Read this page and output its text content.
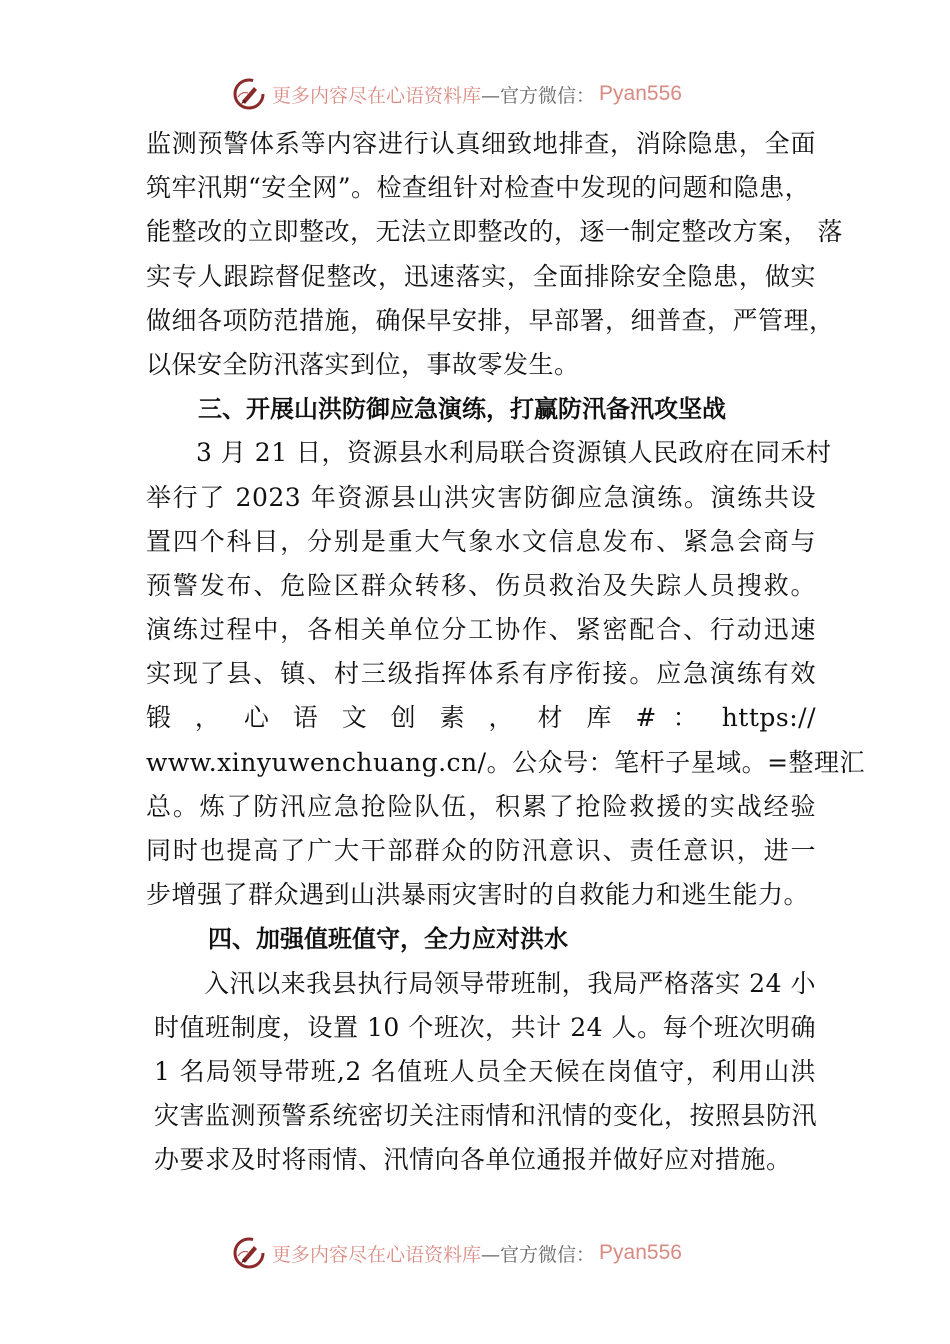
更多内容尽在心语资料库 —官方微信： Pyan556
监测预警体系等内容进行认真细致地排查，消除隐患，全面
筑牢汛期“安全网”。检查组针对检查中发现的问题和隐患，
能整改的立即整改，无法立即整改的，逐一制定整改方案， 落
实专人跟踪督促整改，迅速落实，全面排除安全隐患，做实
做细各项防范措施，确保早安排，早部署，细普查，严管理，
以保安全防汛落实到位，事故零发生。
三、开展山洪防御应急演练，打赢防汛备汛攻坚战
3 月 21 日，资源县水利局联合资源镇人民政府在同禾村
举行了 2023 年资源县山洪灾害防御应急演练。演练共设
置四个科目，分别是重大气象水文信息发布、紧急会商与
预警发布、危险区群众转移、伤员救治及失踪人员搜救。
演练过程中，各相关单位分工协作、紧密配合、行动迅速
实现了县、镇、村三级指挥体系有序衔接。应急演练有效
锻 ， 心 语 文 创 素 ， 材 库 # ： https://
www.xinyuwenchuang.cn/。公众号：笔杆子星域。=整理汇
总。炼了防汛应急抢险队伍，积累了抢险救援的实战经验
同时也提高了广大干部群众的防汛意识、责任意识，进一
步增强了群众遇到山洪暴雨灾害时的自救能力和逃生能力。
四、加强值班值守，全力应对洪水
入汛以来我县执行局领导带班制，我局严格落实 24 小
时值班制度，设置 10 个班次，共计 24 人。每个班次明确
1 名局领导带班,2 名值班人员全天候在岗值守，利用山洪
灾害监测预警系统密切关注雨情和汛情的变化，按照县防汛
办要求及时将雨情、汛情向各单位通报并做好应对措施。
更多内容尽在心语资料库 —官方微信： Pyan556
